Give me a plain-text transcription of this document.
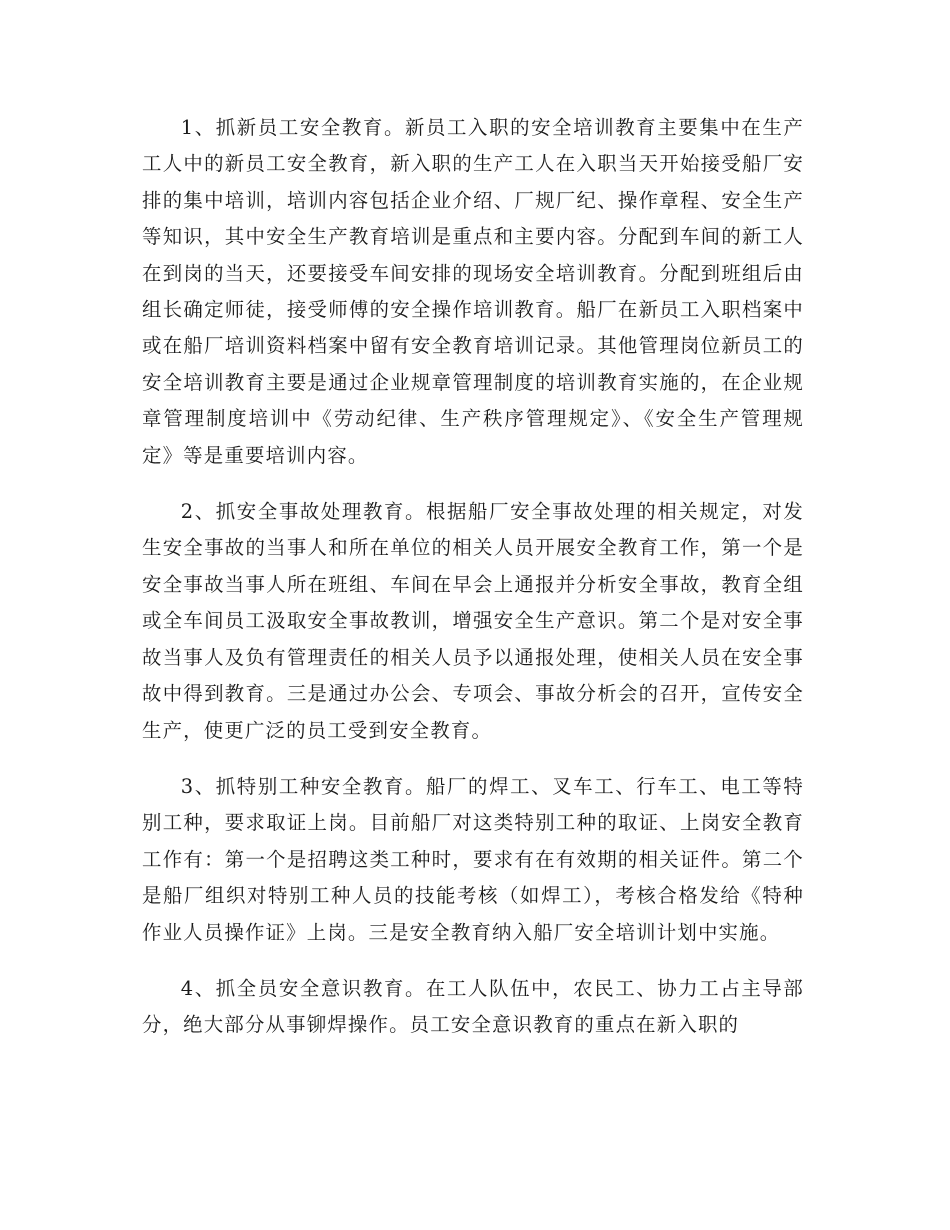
1、抓新员工安全教育。新员工入职的安全培训教育主要集中在生产工人中的新员工安全教育，新入职的生产工人在入职当天开始接受船厂安排的集中培训，培训内容包括企业介绍、厂规厂纪、操作章程、安全生产等知识，其中安全生产教育培训是重点和主要内容。分配到车间的新工人在到岗的当天，还要接受车间安排的现场安全培训教育。分配到班组后由组长确定师徒，接受师傅的安全操作培训教育。船厂在新员工入职档案中或在船厂培训资料档案中留有安全教育培训记录。其他管理岗位新员工的安全培训教育主要是通过企业规章管理制度的培训教育实施的，在企业规章管理制度培训中《劳动纪律、生产秩序管理规定》、《安全生产管理规定》等是重要培训内容。

2、抓安全事故处理教育。根据船厂安全事故处理的相关规定，对发生安全事故的当事人和所在单位的相关人员开展安全教育工作，第一个是安全事故当事人所在班组、车间在早会上通报并分析安全事故，教育全组或全车间员工汲取安全事故教训，增强安全生产意识。第二个是对安全事故当事人及负有管理责任的相关人员予以通报处理，使相关人员在安全事故中得到教育。三是通过办公会、专项会、事故分析会的召开，宣传安全生产，使更广泛的员工受到安全教育。

3、抓特别工种安全教育。船厂的焊工、叉车工、行车工、电工等特别工种，要求取证上岗。目前船厂对这类特别工种的取证、上岗安全教育工作有：第一个是招聘这类工种时，要求有在有效期的相关证件。第二个是船厂组织对特别工种人员的技能考核（如焊工），考核合格发给《特种作业人员操作证》上岗。三是安全教育纳入船厂安全培训计划中实施。

4、抓全员安全意识教育。在工人队伍中，农民工、协力工占主导部分，绝大部分从事铆焊操作。员工安全意识教育的重点在新入职的
